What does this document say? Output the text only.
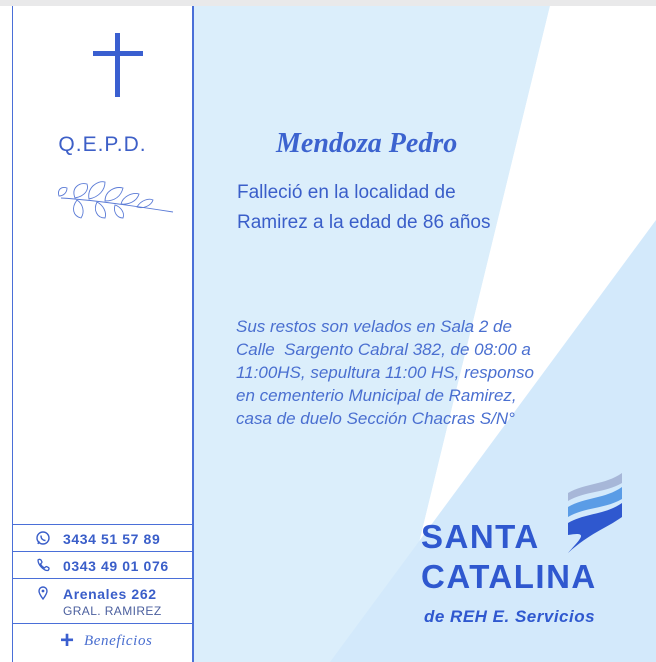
Q.E.P.D.	Mendoza Pedro
Falleció en la localidad de
Ramirez a la edad de 86 años
Sus restos son velados en Sala 2 de
Calle  Sargento Cabral 382, de 08:00 a
11:00HS, sepultura 11:00 HS, responso
en cementerio Municipal de Ramirez,
casa de duelo Sección Chacras S/N°
3434 51 57 89
0343 49 01 076
Arenales 262
GRAL. RAMIREZ
+ Beneficios
SANTA
CATALINA
de REH E. Servicios
